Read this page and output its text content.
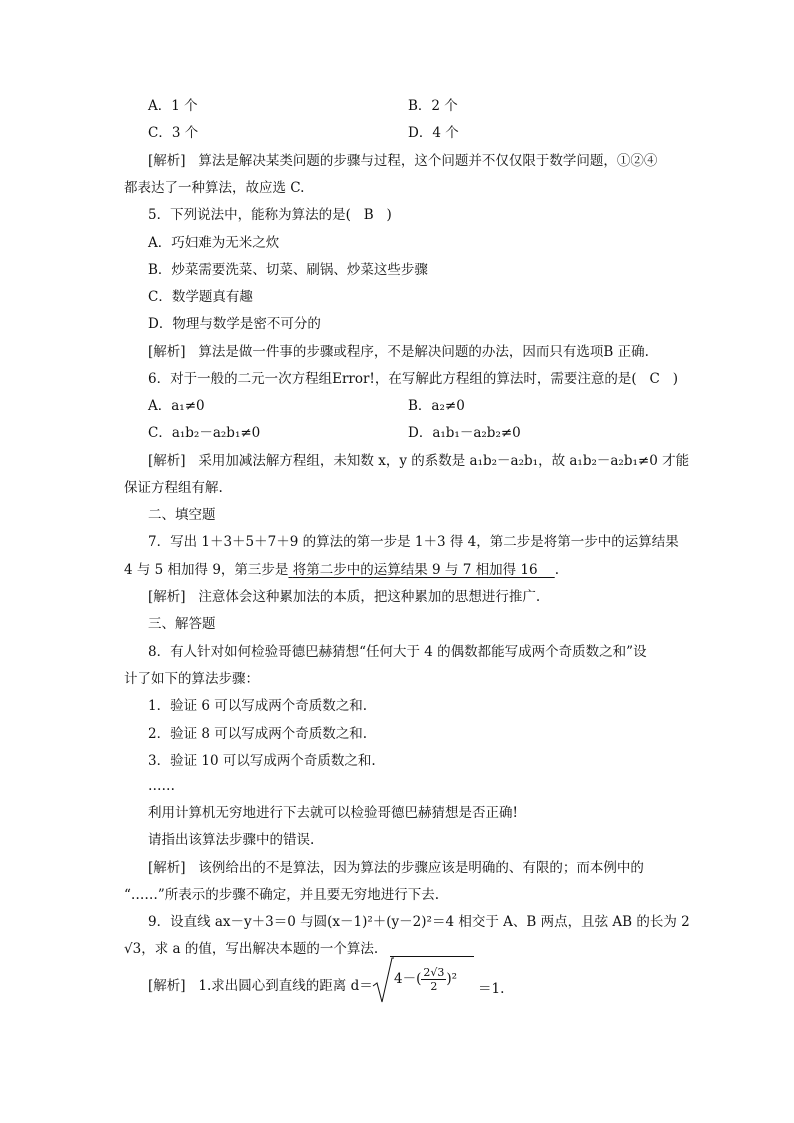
A．1 个	B．2 个
C．3 个	D．4 个
[解析] 算法是解决某类问题的步骤与过程，这个问题并不仅仅限于数学问题，①②④
都表达了一种算法，故应选 C.
5．下列说法中，能称为算法的是( B )
A．巧妇难为无米之炊
B．炒菜需要洗菜、切菜、刷锅、炒菜这些步骤
C．数学题真有趣
D．物理与数学是密不可分的
[解析] 算法是做一件事的步骤或程序，不是解决问题的办法，因而只有选项B 正确.
6．对于一般的二元一次方程组Error!，在写解此方程组的算法时，需要注意的是( C )
A．a₁≠0	B．a₂≠0
C．a₁b₂－a₂b₁≠0	D．a₁b₁－a₂b₂≠0
[解析] 采用加减法解方程组，未知数 x，y 的系数是 a₁b₂－a₂b₁，故 a₁b₂－a₂b₁≠0 才能
保证方程组有解.
二、填空题
7．写出 1＋3＋5＋7＋9 的算法的第一步是 1＋3 得 4，第二步是将第一步中的运算结果
4 与 5 相加得 9，第三步是 将第二步中的运算结果 9 与 7 相加得 16 .
[解析] 注意体会这种累加法的本质，把这种累加的思想进行推广.
三、解答题
8．有人针对如何检验哥德巴赫猜想“任何大于 4 的偶数都能写成两个奇质数之和”设
计了如下的算法步骤：
1．验证 6 可以写成两个奇质数之和.
2．验证 8 可以写成两个奇质数之和.
3．验证 10 可以写成两个奇质数之和.
……
利用计算机无穷地进行下去就可以检验哥德巴赫猜想是否正确!
请指出该算法步骤中的错误.
[解析] 该例给出的不是算法，因为算法的步骤应该是明确的、有限的；而本例中的
“……”所表示的步骤不确定，并且要无穷地进行下去.
9．设直线 ax－y＋3＝0 与圆(x－1)²＋(y－2)²＝4 相交于 A、B 两点，且弦 AB 的长为 2
√3，求 a 的值，写出解决本题的一个算法.
[解析] 1.求出圆心到直线的距离 $d= 4-( \frac{2√3}{2} )^2$
＝1.
